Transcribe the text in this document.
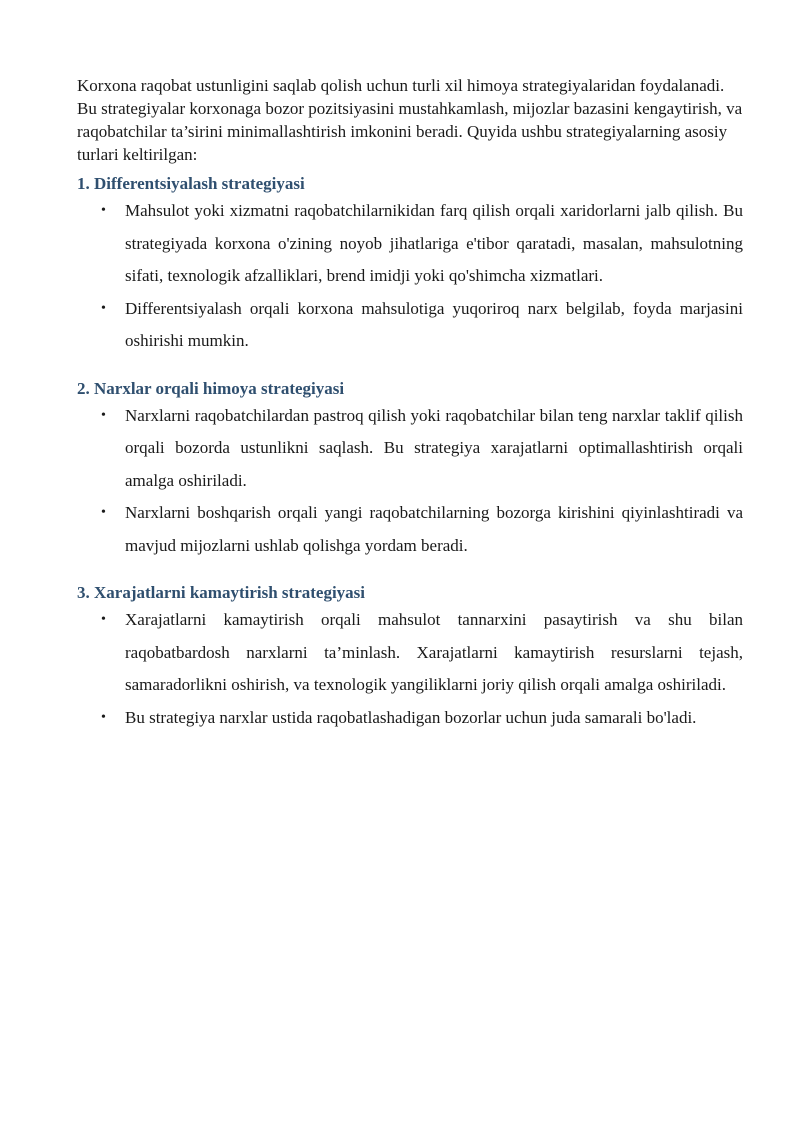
Korxona raqobat ustunligini saqlab qolish uchun turli xil himoya strategiyalaridan foydalanadi. Bu strategiyalar korxonaga bozor pozitsiyasini mustahkamlash, mijozlar bazasini kengaytirish, va raqobatchilar ta’sirini minimallashtirish imkonini beradi. Quyida ushbu strategiyalarning asosiy turlari keltirilgan:

1. Differentsiyalash strategiyasi
• Mahsulot yoki xizmatni raqobatchilarnikidan farq qilish orqali xaridorlarni jalb qilish. Bu strategiyada korxona o'zining noyob jihatlariga e'tibor qaratadi, masalan, mahsulotning sifati, texnologik afzalliklari, brend imidji yoki qo'shimcha xizmatlari.
• Differentsiyalash orqali korxona mahsulotiga yuqoriroq narx belgilab, foyda marjasini oshirishi mumkin.
2. Narxlar orqali himoya strategiyasi
• Narxlarni raqobatchilardan pastroq qilish yoki raqobatchilar bilan teng narxlar taklif qilish orqali bozorda ustunlikni saqlash. Bu strategiya xarajatlarni optimallashtirish orqali amalga oshiriladi.
• Narxlarni boshqarish orqali yangi raqobatchilarning bozorga kirishini qiyinlashtiradi va mavjud mijozlarni ushlab qolishga yordam beradi.
3. Xarajatlarni kamaytirish strategiyasi
• Xarajatlarni kamaytirish orqali mahsulot tannarxini pasaytirish va shu bilan raqobatbardosh narxlarni ta’minlash. Xarajatlarni kamaytirish resurslarni tejash, samaradorlikni oshirish, va texnologik yangiliklarni joriy qilish orqali amalga oshiriladi.
• Bu strategiya narxlar ustida raqobatlashadigan bozorlar uchun juda samarali bo'ladi.
